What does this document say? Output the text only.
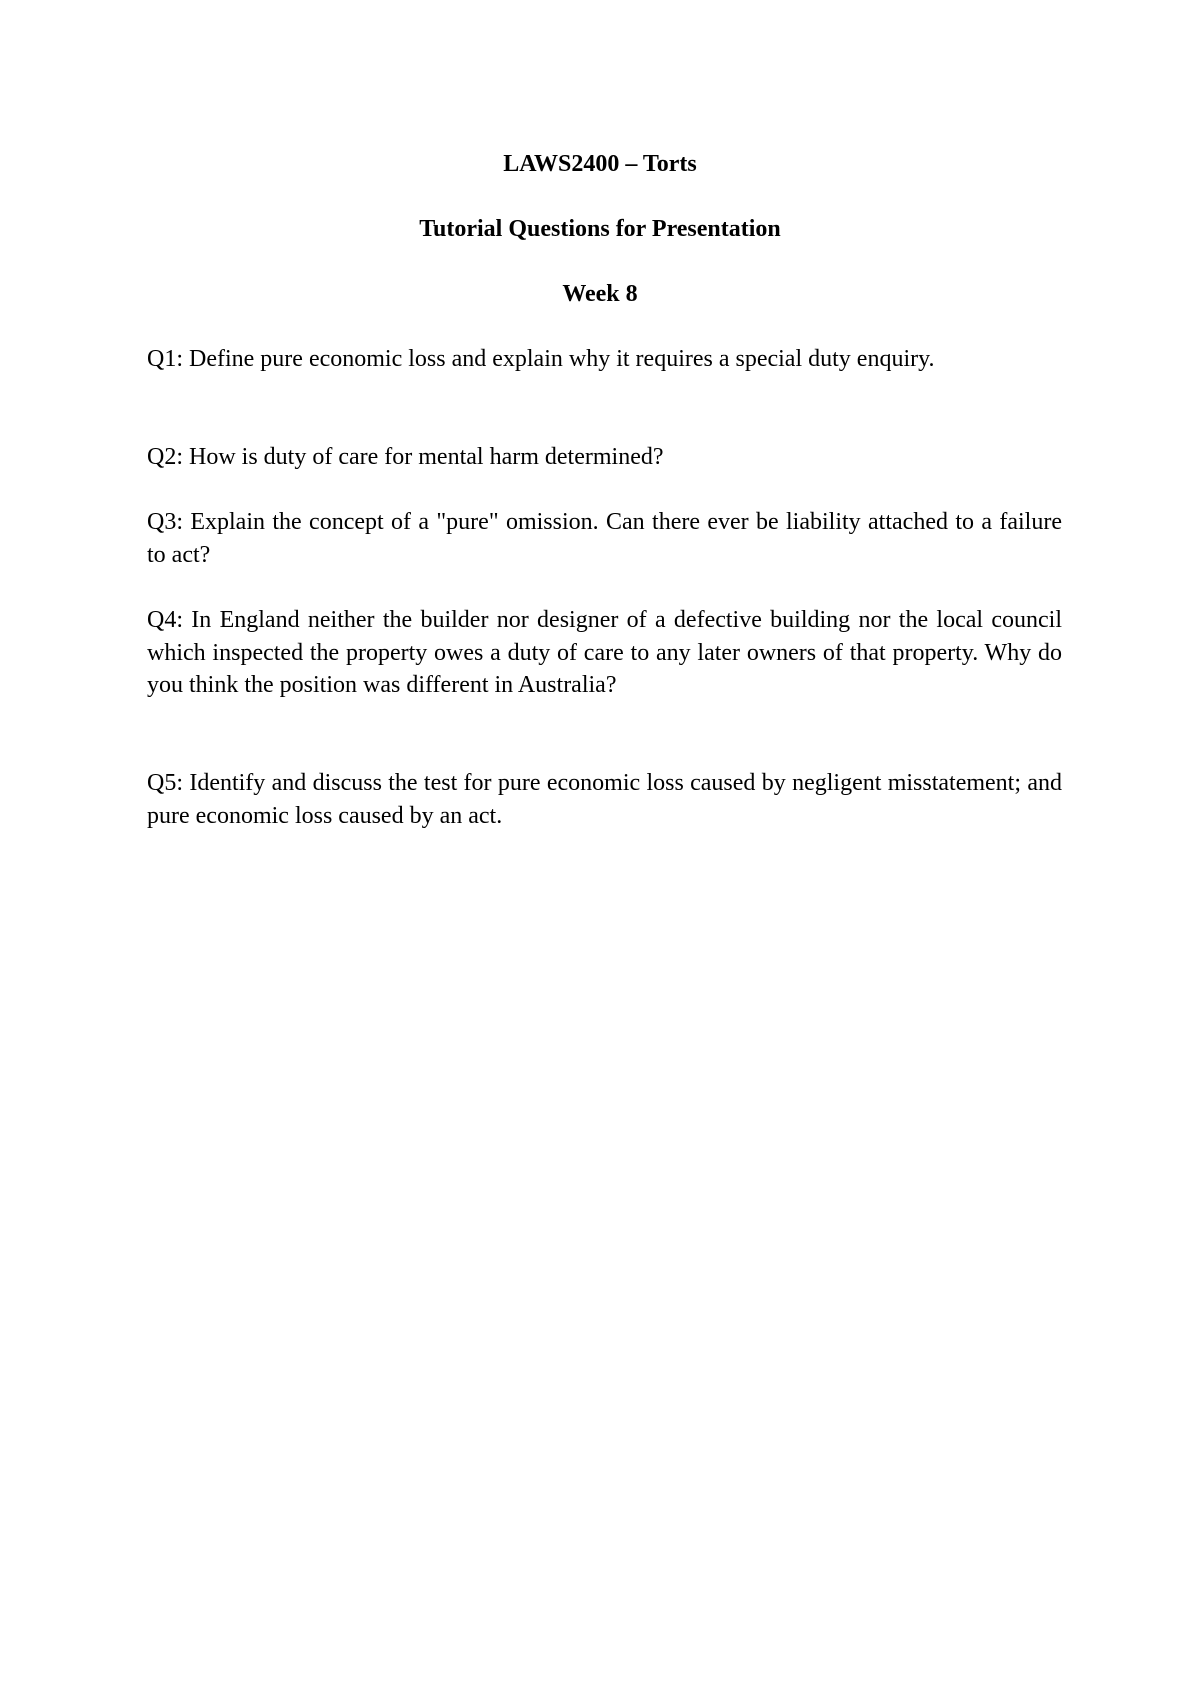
LAWS2400 – Torts
Tutorial Questions for Presentation
Week 8

Q1: Define pure economic loss and explain why it requires a special duty enquiry.

Q2: How is duty of care for mental harm determined?

Q3: Explain the concept of a "pure" omission. Can there ever be liability attached to a failure to act?

Q4: In England neither the builder nor designer of a defective building nor the local council which inspected the property owes a duty of care to any later owners of that property. Why do you think the position was different in Australia?

Q5: Identify and discuss the test for pure economic loss caused by negligent misstatement; and pure economic loss caused by an act.
